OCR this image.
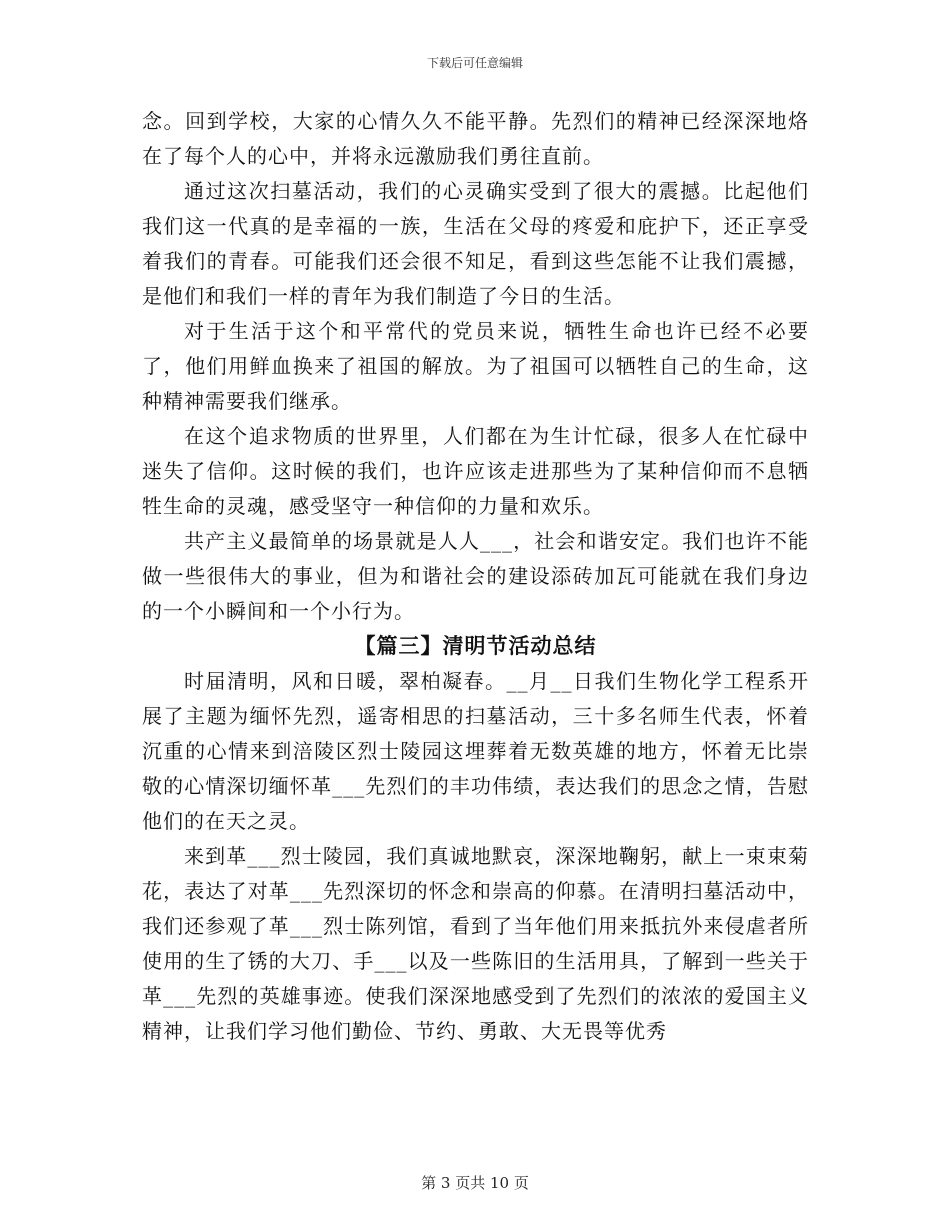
下载后可任意编辑

念。回到学校，大家的心情久久不能平静。先烈们的精神已经深深地烙在了每个人的心中，并将永远激励我们勇往直前。

通过这次扫墓活动，我们的心灵确实受到了很大的震撼。比起他们我们这一代真的是幸福的一族，生活在父母的疼爱和庇护下，还正享受着我们的青春。可能我们还会很不知足，看到这些怎能不让我们震撼，是他们和我们一样的青年为我们制造了今日的生活。

对于生活于这个和平常代的党员来说，牺牲生命也许已经不必要了，他们用鲜血换来了祖国的解放。为了祖国可以牺牲自己的生命，这种精神需要我们继承。

在这个追求物质的世界里，人们都在为生计忙碌，很多人在忙碌中迷失了信仰。这时候的我们，也许应该走进那些为了某种信仰而不息牺牲生命的灵魂，感受坚守一种信仰的力量和欢乐。

共产主义最简单的场景就是人人___，社会和谐安定。我们也许不能做一些很伟大的事业，但为和谐社会的建设添砖加瓦可能就在我们身边的一个小瞬间和一个小行为。

【篇三】清明节活动总结

时届清明，风和日暖，翠柏凝春。__月__日我们生物化学工程系开展了主题为缅怀先烈，遥寄相思的扫墓活动，三十多名师生代表，怀着沉重的心情来到涪陵区烈士陵园这埋葬着无数英雄的地方，怀着无比崇敬的心情深切缅怀革___先烈们的丰功伟绩，表达我们的思念之情，告慰他们的在天之灵。

来到革___烈士陵园，我们真诚地默哀，深深地鞠躬，献上一束束菊花，表达了对革___先烈深切的怀念和崇高的仰慕。在清明扫墓活动中，我们还参观了革___烈士陈列馆，看到了当年他们用来抵抗外来侵虐者所使用的生了锈的大刀、手___以及一些陈旧的生活用具，了解到一些关于革___先烈的英雄事迹。使我们深深地感受到了先烈们的浓浓的爱国主义精神，让我们学习他们勤俭、节约、勇敢、大无畏等优秀

第 3 页共 10 页
